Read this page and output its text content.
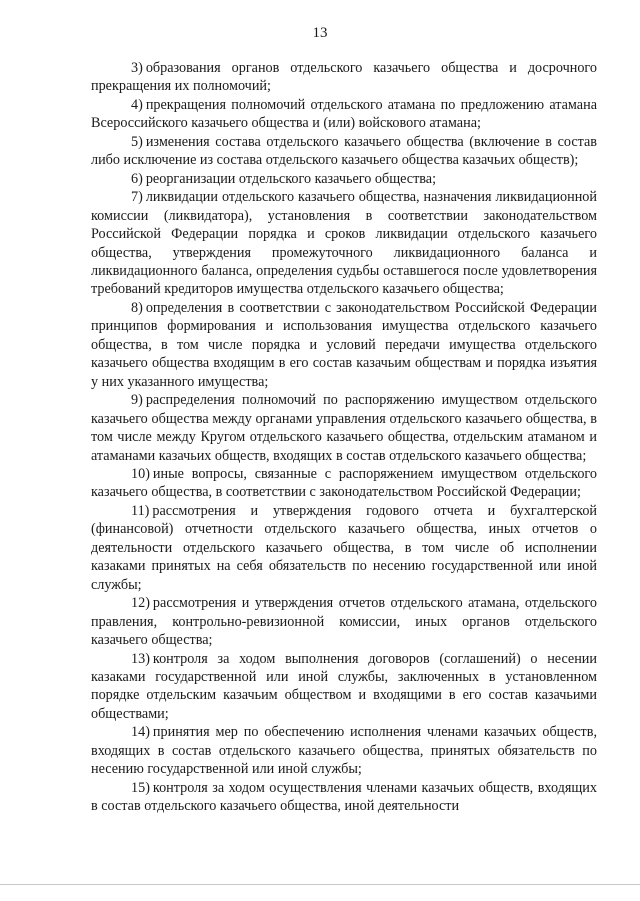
13

3) образования органов отдельского казачьего общества и досрочного прекращения их полномочий;

4) прекращения полномочий отдельского атамана по предложению атамана Всероссийского казачьего общества и (или) войскового атамана;

5) изменения состава отдельского казачьего общества (включение в состав либо исключение из состава отдельского казачьего общества казачьих обществ);

6) реорганизации отдельского казачьего общества;

7) ликвидации отдельского казачьего общества, назначения ликвидационной комиссии (ликвидатора), установления в соответствии законодательством Российской Федерации порядка и сроков ликвидации отдельского казачьего общества, утверждения промежуточного ликвидационного баланса и ликвидационного баланса, определения судьбы оставшегося после удовлетворения требований кредиторов имущества отдельского казачьего общества;

8) определения в соответствии с законодательством Российской Федерации принципов формирования и использования имущества отдельского казачьего общества, в том числе порядка и условий передачи имущества отдельского казачьего общества входящим в его состав казачьим обществам и порядка изъятия у них указанного имущества;

9) распределения полномочий по распоряжению имуществом отдельского казачьего общества между органами управления отдельского казачьего общества, в том числе между Кругом отдельского казачьего общества, отдельским атаманом и атаманами казачьих обществ, входящих в состав отдельского казачьего общества;

10) иные вопросы, связанные с распоряжением имуществом отдельского казачьего общества, в соответствии с законодательством Российской Федерации;

11) рассмотрения и утверждения годового отчета и бухгалтерской (финансовой) отчетности отдельского казачьего общества, иных отчетов о деятельности отдельского казачьего общества, в том числе об исполнении казаками принятых на себя обязательств по несению государственной или иной службы;

12) рассмотрения и утверждения отчетов отдельского атамана, отдельского правления, контрольно-ревизионной комиссии, иных органов отдельского казачьего общества;

13) контроля за ходом выполнения договоров (соглашений) о несении казаками государственной или иной службы, заключенных в установленном порядке отдельским казачьим обществом и входящими в его состав казачьими обществами;

14) принятия мер по обеспечению исполнения членами казачьих обществ, входящих в состав отдельского казачьего общества, принятых обязательств по несению государственной или иной службы;

15) контроля за ходом осуществления членами казачьих обществ, входящих в состав отдельского казачьего общества, иной деятельности
